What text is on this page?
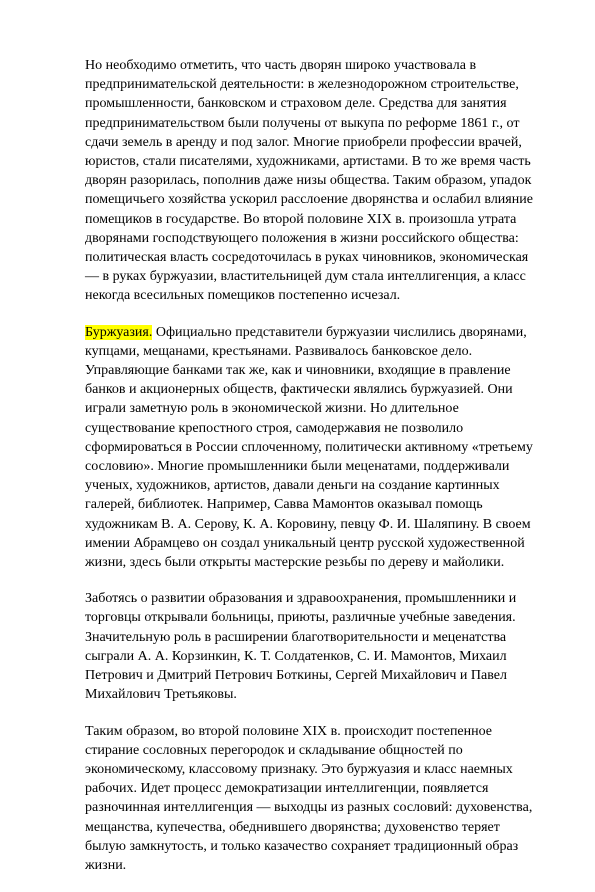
Но необходимо отметить, что часть дворян широко участвовала в предпринимательской деятельности: в железнодорожном строительстве, промышленности, банковском и страховом деле. Средства для занятия предпринимательством были получены от выкупа по реформе 1861 г., от сдачи земель в аренду и под залог. Многие приобрели профессии врачей, юристов, стали писателями, художниками, артистами. В то же время часть дворян разорилась, пополнив даже низы общества. Таким образом, упадок помещичьего хозяйства ускорил расслоение дворянства и ослабил влияние помещиков в государстве. Во второй половине XIX в. произошла утрата дворянами господствующего положения в жизни российского общества: политическая власть сосредоточилась в руках чиновников, экономическая — в руках буржуазии, властительницей дум стала интеллигенция, а класс некогда всесильных помещиков постепенно исчезал.

Буржуазия. Официально представители буржуазии числились дворянами, купцами, мещанами, крестьянами. Развивалось банковское дело. Управляющие банками так же, как и чиновники, входящие в правление банков и акционерных обществ, фактически являлись буржуазией. Они играли заметную роль в экономической жизни. Но длительное существование крепостного строя, самодержавия не позволило сформироваться в России сплоченному, политически активному «третьему сословию». Многие промышленники были меценатами, поддерживали ученых, художников, артистов, давали деньги на создание картинных галерей, библиотек. Например, Савва Мамонтов оказывал помощь художникам В. А. Серову, К. А. Коровину, певцу Ф. И. Шаляпину. В своем имении Абрамцево он создал уникальный центр русской художественной жизни, здесь были открыты мастерские резьбы по дереву и майолики.

Заботясь о развитии образования и здравоохранения, промышленники и торговцы открывали больницы, приюты, различные учебные заведения. Значительную роль в расширении благотворительности и меценатства сыграли А. А. Корзинкин, К. Т. Солдатенков, С. И. Мамонтов, Михаил Петрович и Дмитрий Петрович Боткины, Сергей Михайлович и Павел Михайлович Третьяковы.

Таким образом, во второй половине XIX в. происходит постепенное стирание сословных перегородок и складывание общностей по экономическому, классовому признаку. Это буржуазия и класс наемных рабочих. Идет процесс демократизации интеллигенции, появляется разночинная интеллигенция — выходцы из разных сословий: духовенства, мещанства, купечества, обеднившего дворянства; духовенство теряет былую замкнутость, и только казачество сохраняет традиционный образ жизни.
